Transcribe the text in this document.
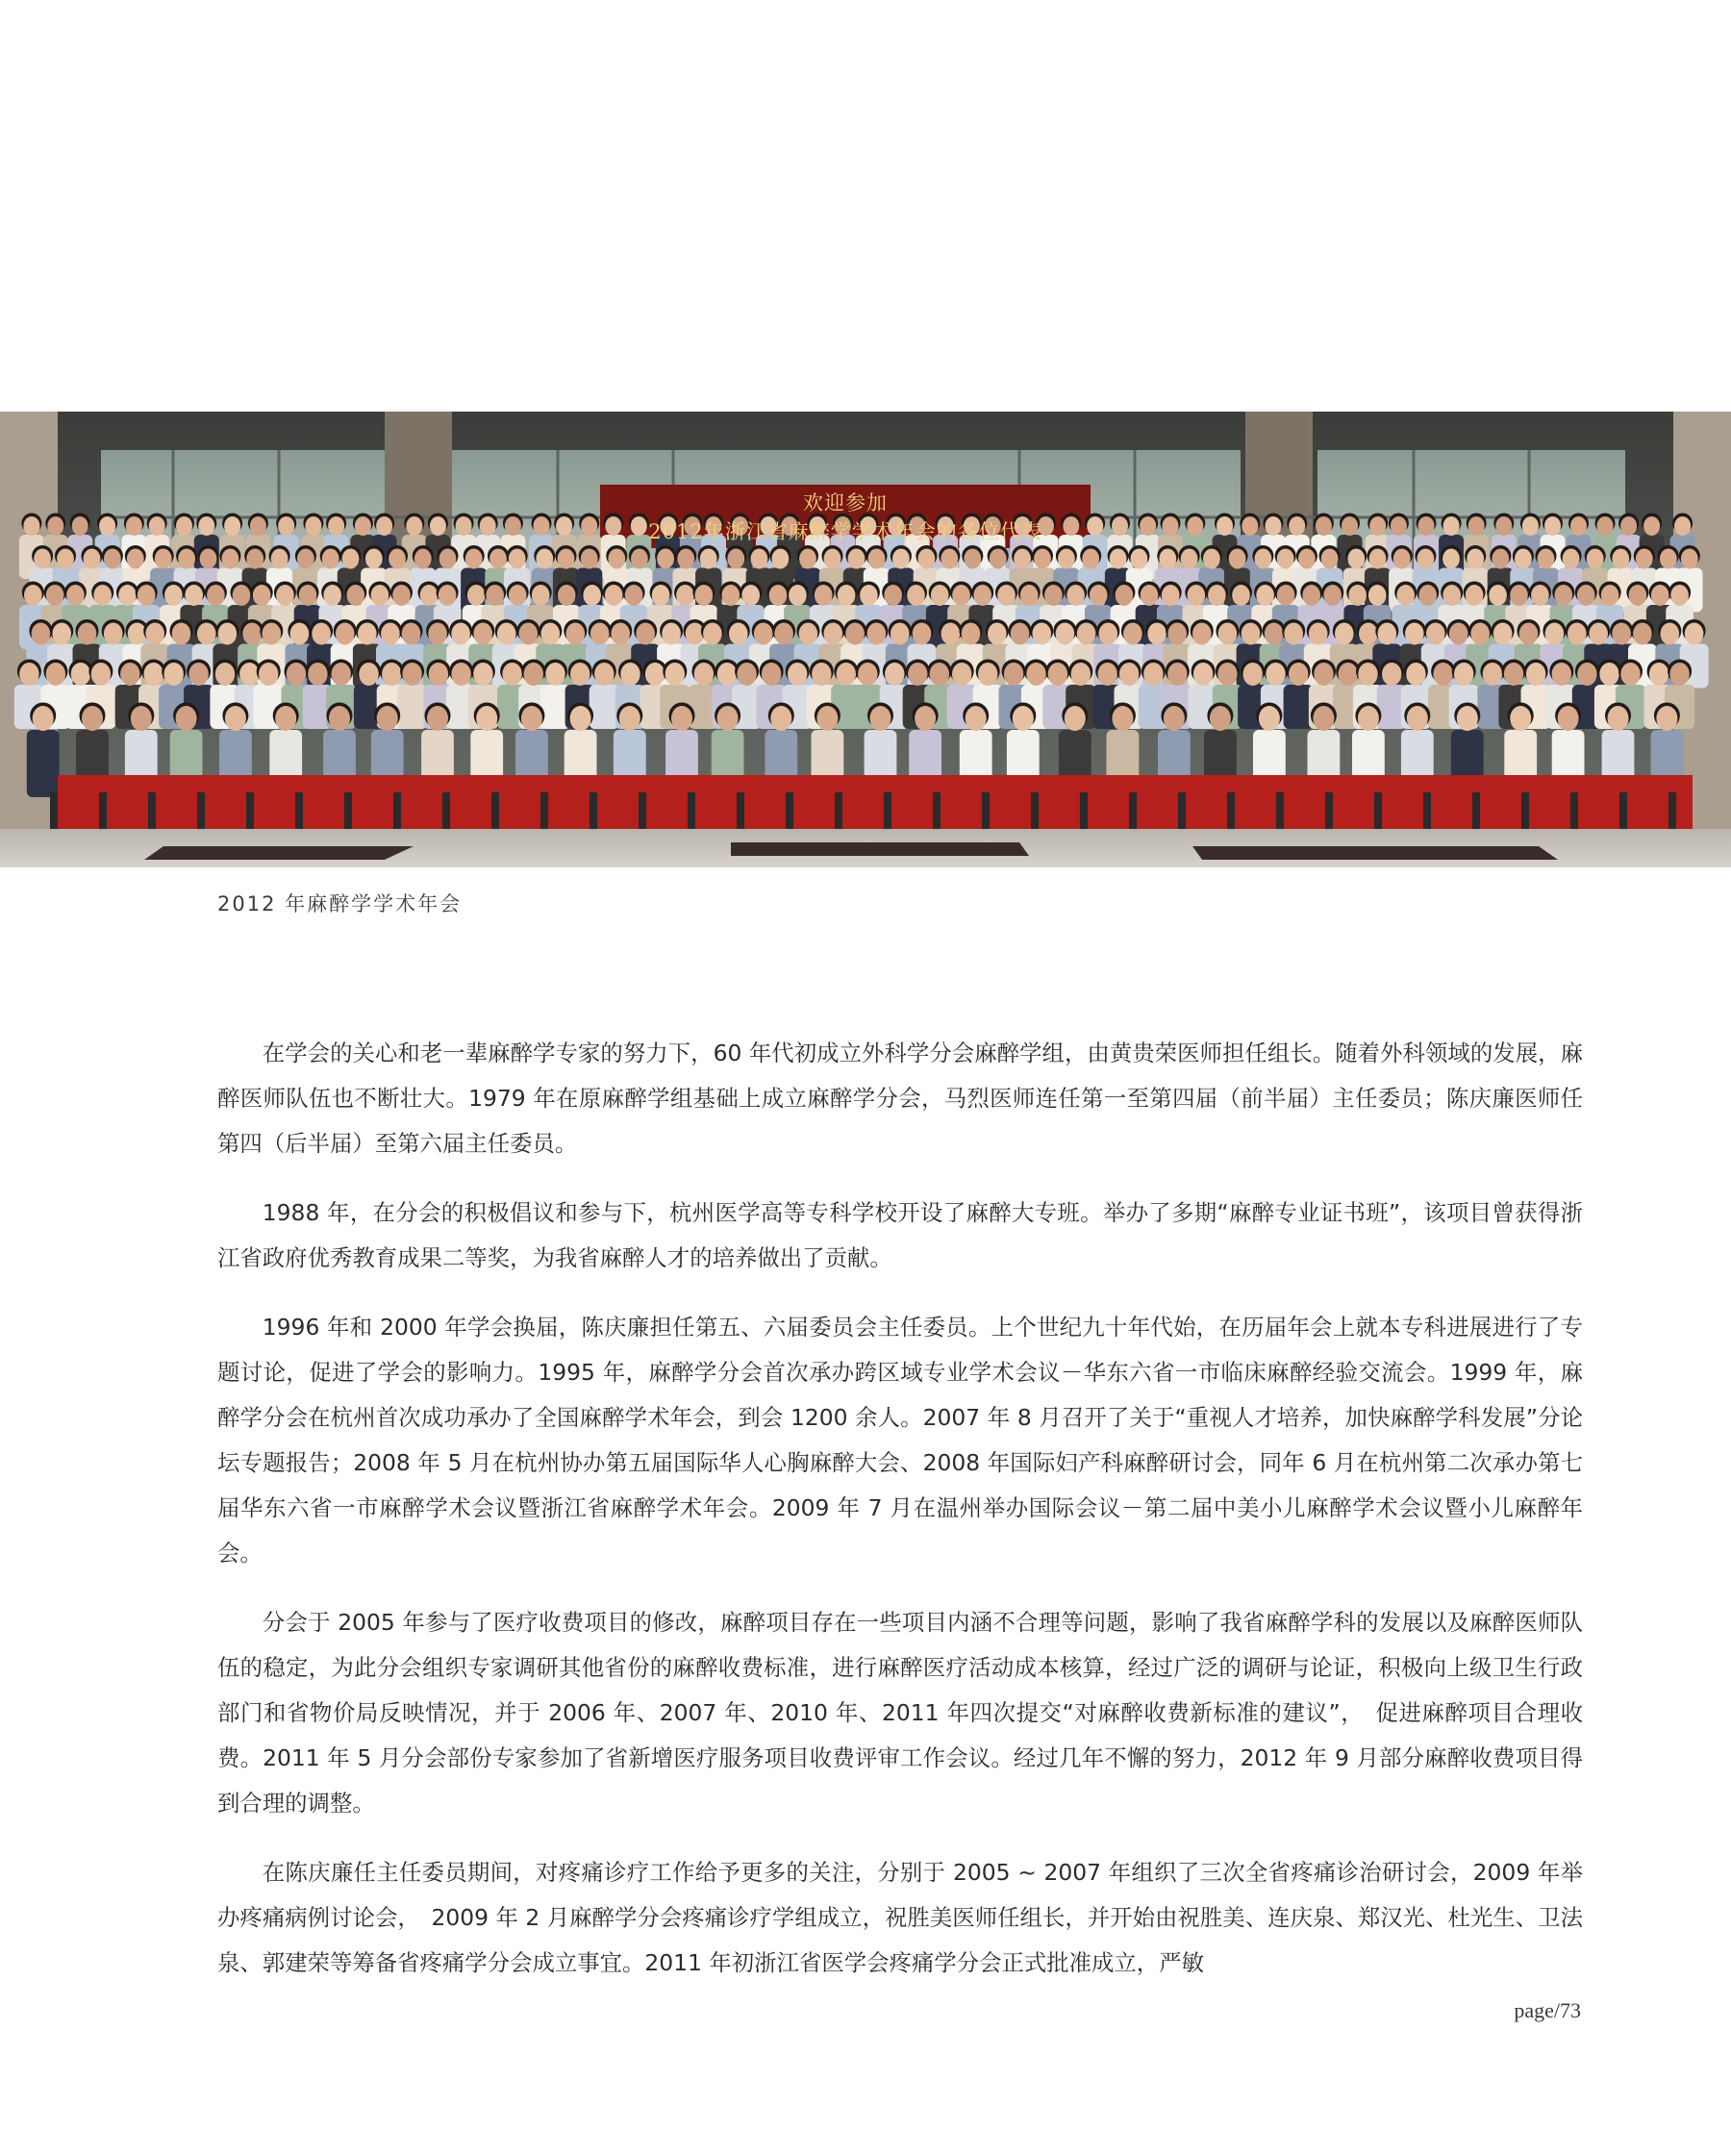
欢迎参加
2012年浙江省麻醉学学术年会的各位代表
2012 年麻醉学学术年会

在学会的关心和老一辈麻醉学专家的努力下，60 年代初成立外科学分会麻醉学组，由黄贵荣医师担任组长。随着外科领域的发展，麻醉医师队伍也不断壮大。1979 年在原麻醉学组基础上成立麻醉学分会，马烈医师连任第一至第四届（前半届）主任委员；陈庆廉医师任第四（后半届）至第六届主任委员。

1988 年，在分会的积极倡议和参与下，杭州医学高等专科学校开设了麻醉大专班。举办了多期“麻醉专业证书班”，该项目曾获得浙江省政府优秀教育成果二等奖，为我省麻醉人才的培养做出了贡献。

1996 年和 2000 年学会换届，陈庆廉担任第五、六届委员会主任委员。上个世纪九十年代始，在历届年会上就本专科进展进行了专题讨论，促进了学会的影响力。1995 年，麻醉学分会首次承办跨区域专业学术会议－华东六省一市临床麻醉经验交流会。1999 年，麻醉学分会在杭州首次成功承办了全国麻醉学术年会，到会 1200 余人。2007 年 8 月召开了关于“重视人才培养，加快麻醉学科发展”分论坛专题报告；2008 年 5 月在杭州协办第五届国际华人心胸麻醉大会、2008 年国际妇产科麻醉研讨会，同年 6 月在杭州第二次承办第七届华东六省一市麻醉学术会议暨浙江省麻醉学术年会。2009 年 7 月在温州举办国际会议－第二届中美小儿麻醉学术会议暨小儿麻醉年会。

分会于 2005 年参与了医疗收费项目的修改，麻醉项目存在一些项目内涵不合理等问题，影响了我省麻醉学科的发展以及麻醉医师队伍的稳定，为此分会组织专家调研其他省份的麻醉收费标准，进行麻醉医疗活动成本核算，经过广泛的调研与论证，积极向上级卫生行政部门和省物价局反映情况，并于 2006 年、2007 年、2010 年、2011 年四次提交“对麻醉收费新标准的建议”，　促进麻醉项目合理收费。2011 年 5 月分会部份专家参加了省新增医疗服务项目收费评审工作会议。经过几年不懈的努力，2012 年 9 月部分麻醉收费项目得到合理的调整。

在陈庆廉任主任委员期间，对疼痛诊疗工作给予更多的关注，分别于 2005 ~ 2007 年组织了三次全省疼痛诊治研讨会，2009 年举办疼痛病例讨论会，　2009 年 2 月麻醉学分会疼痛诊疗学组成立，祝胜美医师任组长，并开始由祝胜美、连庆泉、郑汉光、杜光生、卫法泉、郭建荣等筹备省疼痛学分会成立事宜。2011 年初浙江省医学会疼痛学分会正式批准成立，严敏

page/73
